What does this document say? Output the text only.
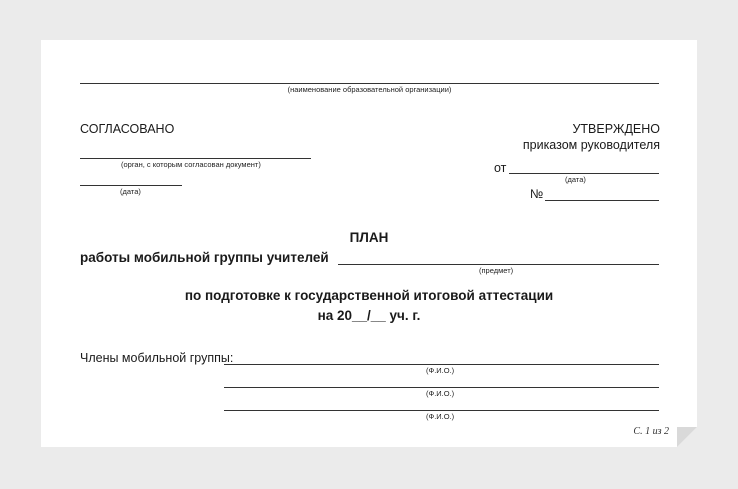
(наименование образовательной организации)
СОГЛАСОВАНО
(орган, с которым согласован документ)
(дата)
УТВЕРЖДЕНО
приказом руководителя
от
(дата)
№
ПЛАН
работы мобильной группы учителей
(предмет)
по подготовке к государственной итоговой аттестации
на 20__/__ уч. г.
Члены мобильной группы:
(Ф.И.О.)
(Ф.И.О.)
(Ф.И.О.)
С. 1 из 2
